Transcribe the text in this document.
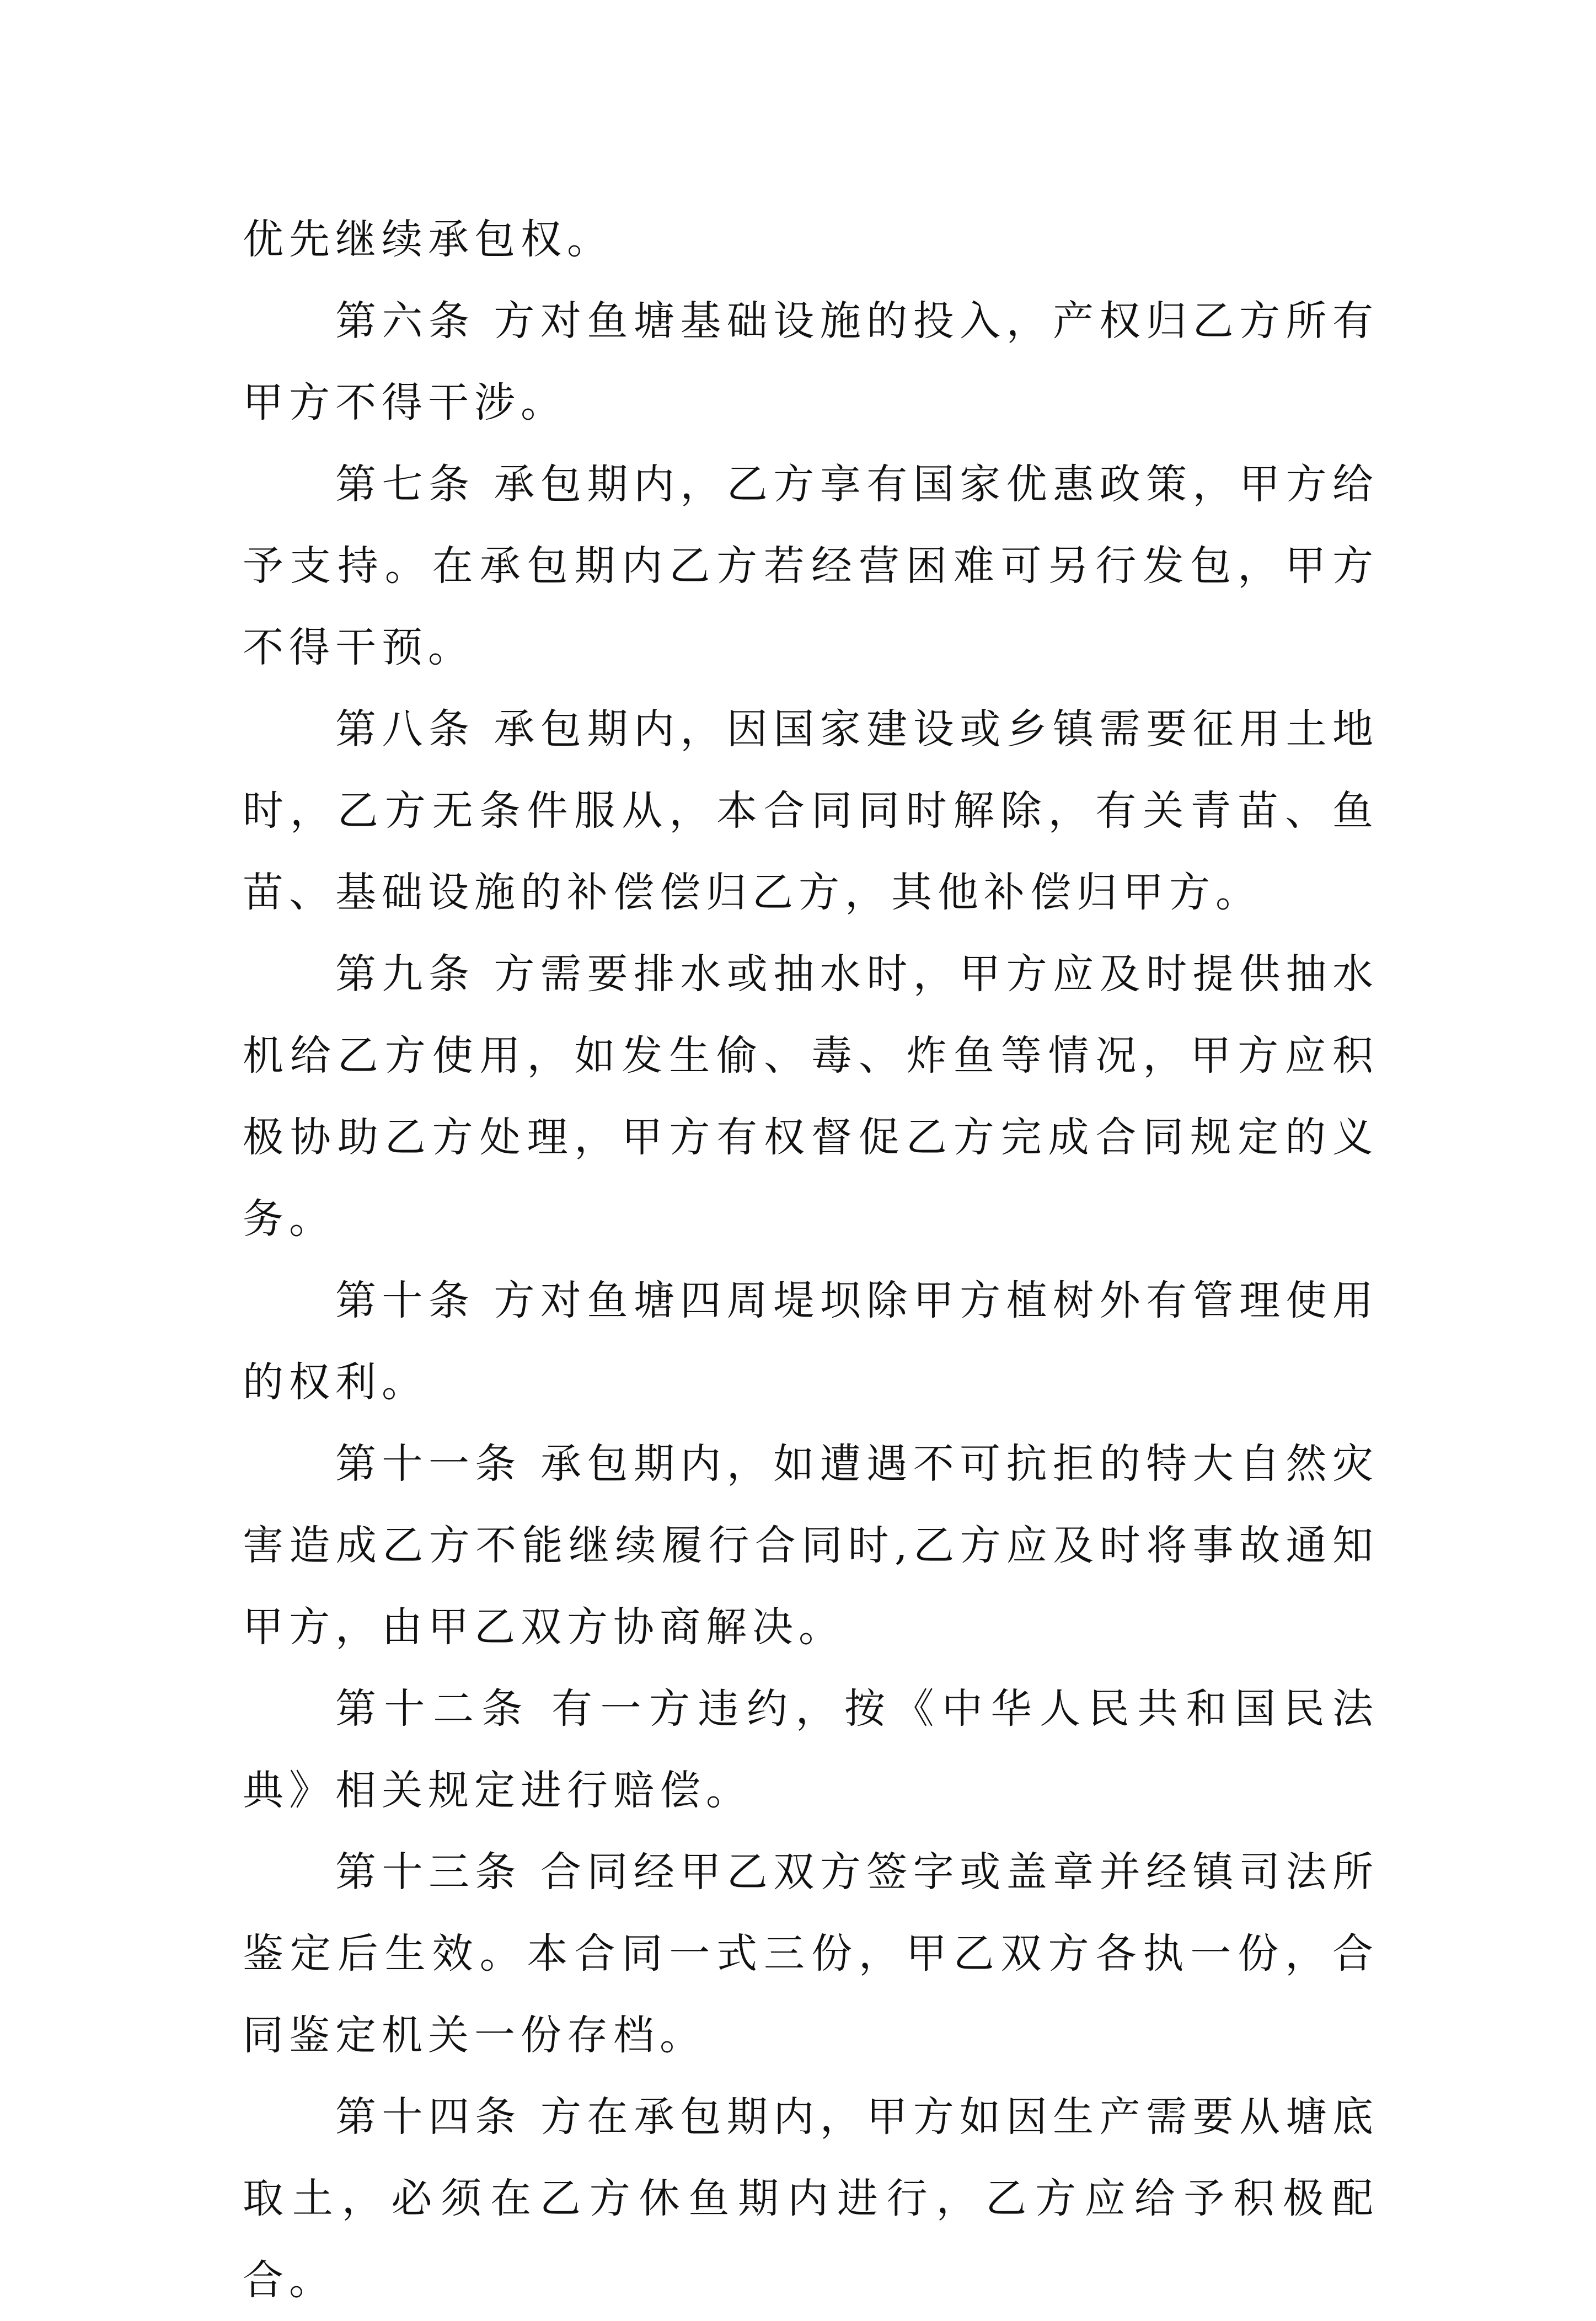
优先继续承包权。

第六条 方对鱼塘基础设施的投入，产权归乙方所有甲方不得干涉。

第七条 承包期内，乙方享有国家优惠政策，甲方给予支持。在承包期内乙方若经营困难可另行发包，甲方不得干预。

第八条 承包期内，因国家建设或乡镇需要征用土地时，乙方无条件服从，本合同同时解除，有关青苗、鱼苗、基础设施的补偿偿归乙方，其他补偿归甲方。

第九条 方需要排水或抽水时，甲方应及时提供抽水机给乙方使用，如发生偷、毒、炸鱼等情况，甲方应积极协助乙方处理，甲方有权督促乙方完成合同规定的义务。

第十条 方对鱼塘四周堤坝除甲方植树外有管理使用的权利。

第十一条 承包期内，如遭遇不可抗拒的特大自然灾害造成乙方不能继续履行合同时,乙方应及时将事故通知甲方，由甲乙双方协商解决。

第十二条 有一方违约，按《中华人民共和国民法典》相关规定进行赔偿。

第十三条 合同经甲乙双方签字或盖章并经镇司法所鉴定后生效。本合同一式三份，甲乙双方各执一份，合同鉴定机关一份存档。

第十四条 方在承包期内，甲方如因生产需要从塘底取土，必须在乙方休鱼期内进行，乙方应给予积极配合。
